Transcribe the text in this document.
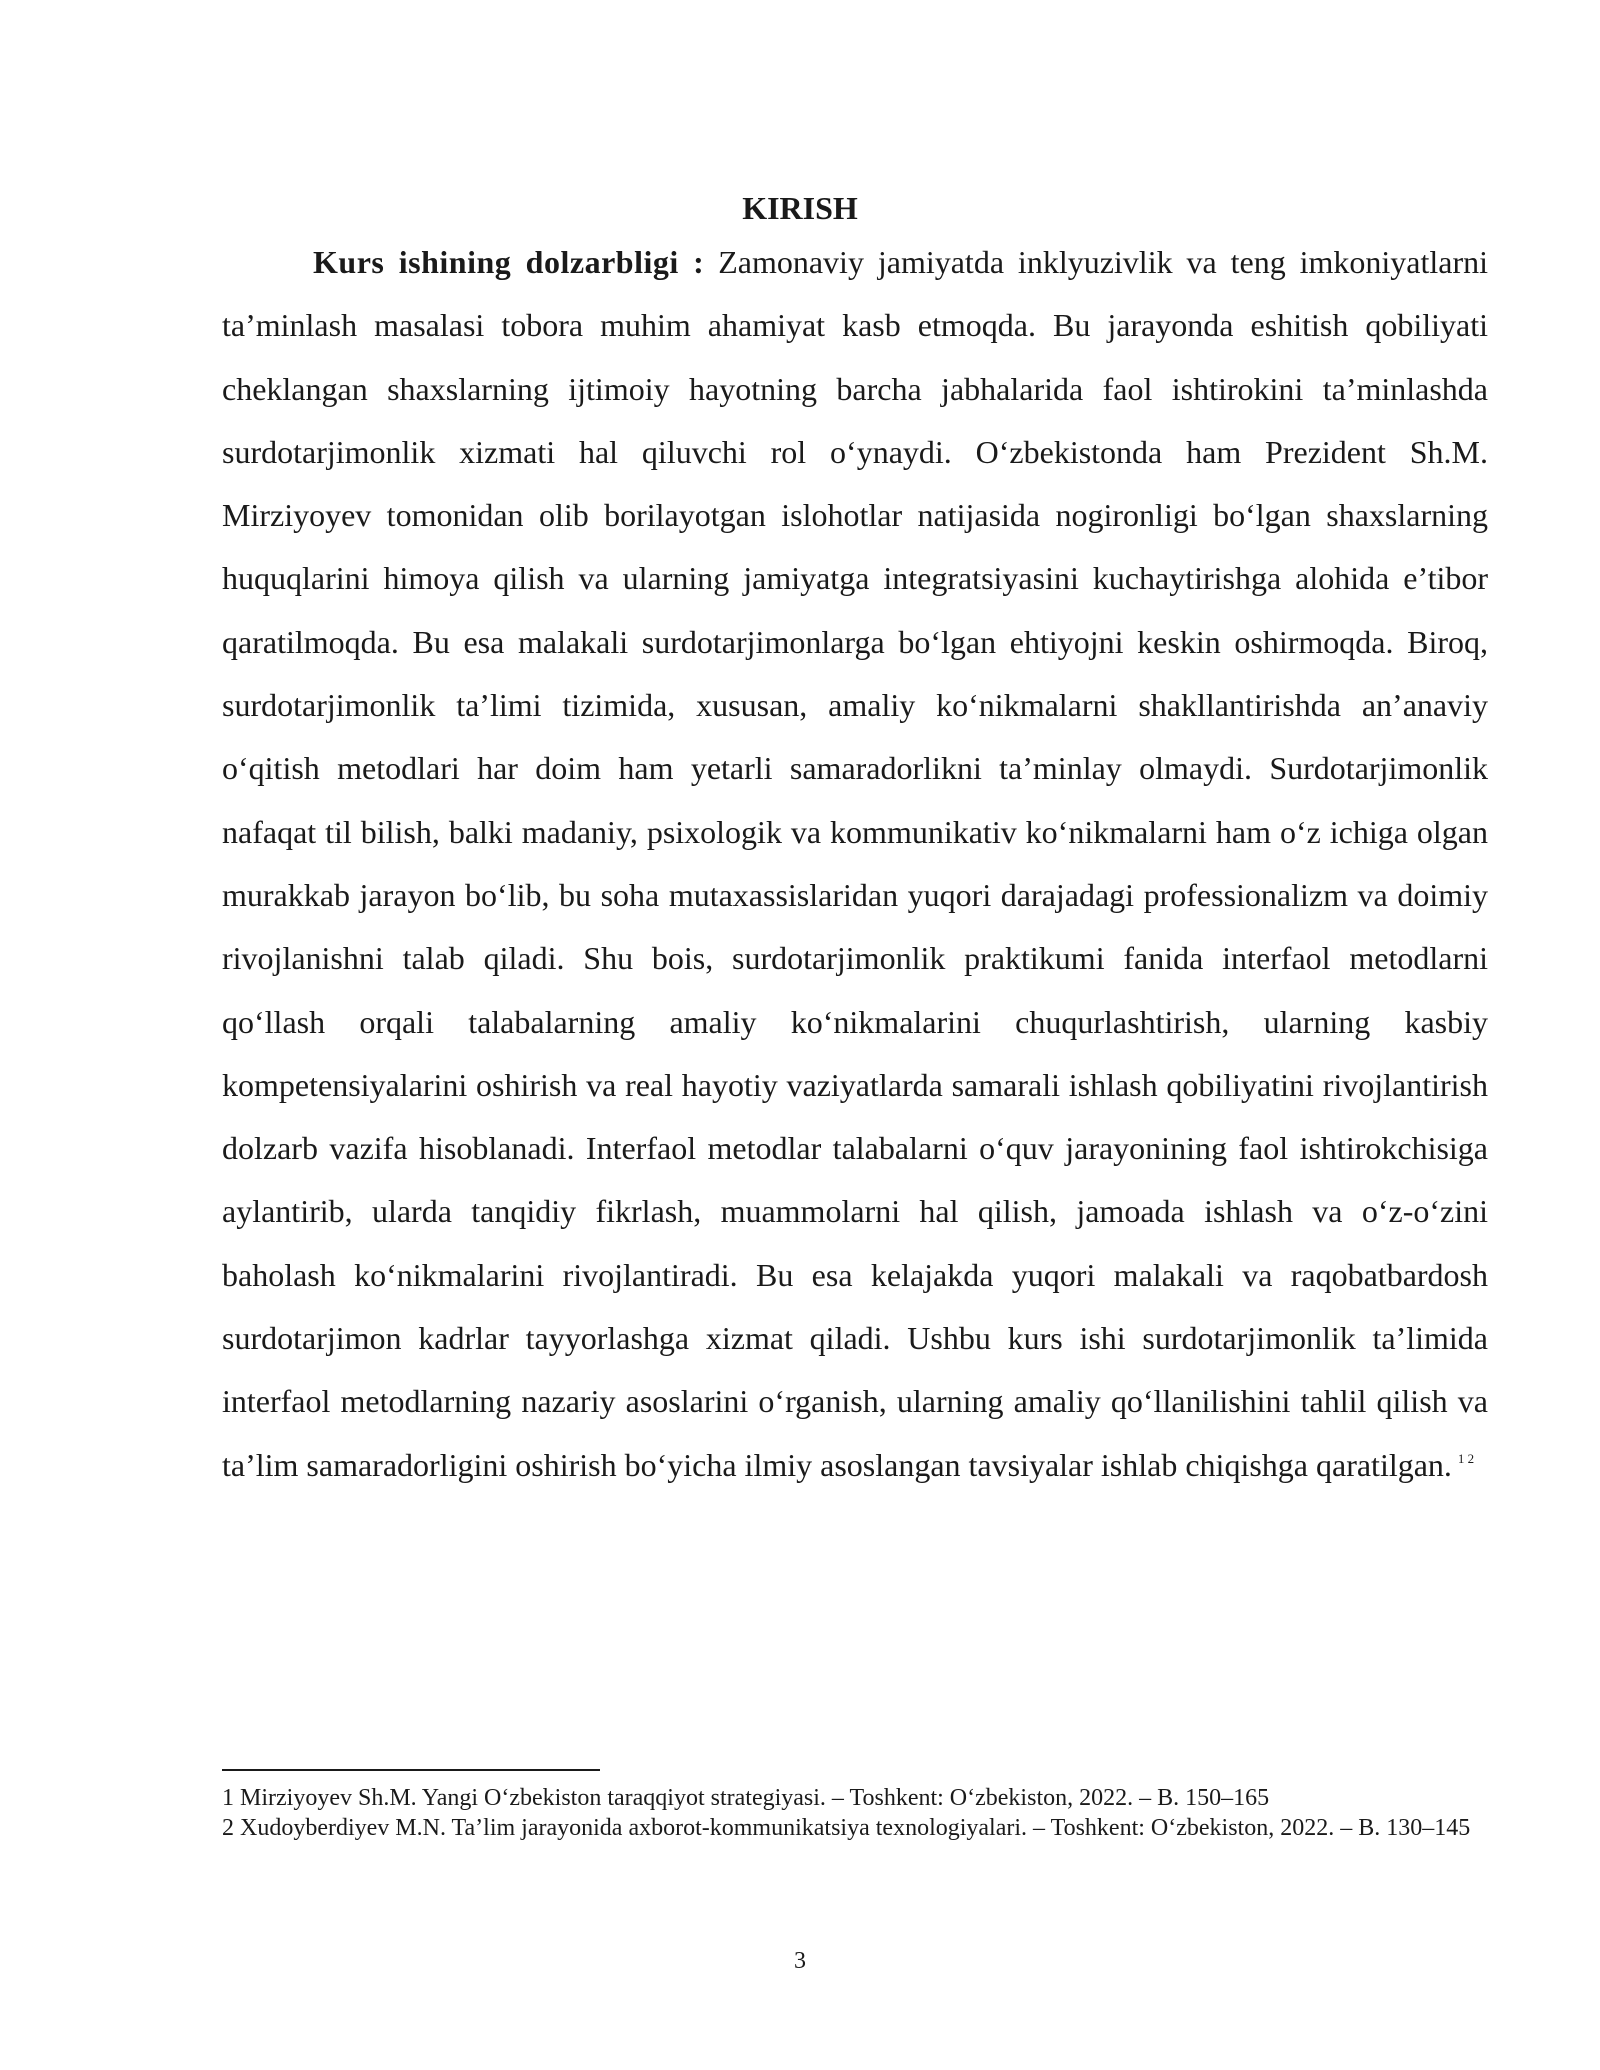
KIRISH

Kurs ishining dolzarbligi : Zamonaviy jamiyatda inklyuzivlik va teng imkoniyatlarni ta’minlash masalasi tobora muhim ahamiyat kasb etmoqda. Bu jarayonda eshitish qobiliyati cheklangan shaxslarning ijtimoiy hayotning barcha jabhalarida faol ishtirokini ta’minlashda surdotarjimonlik xizmati hal qiluvchi rol o‘ynaydi. O‘zbekistonda ham Prezident Sh.M. Mirziyoyev tomonidan olib borilayotgan islohotlar natijasida nogironligi bo‘lgan shaxslarning huquqlarini himoya qilish va ularning jamiyatga integratsiyasini kuchaytirishga alohida e’tibor qaratilmoqda. Bu esa malakali surdotarjimonlarga bo‘lgan ehtiyojni keskin oshirmoqda. Biroq, surdotarjimonlik ta’limi tizimida, xususan, amaliy ko‘nikmalarni shakllantirishda an’anaviy o‘qitish metodlari har doim ham yetarli samaradorlikni ta’minlay olmaydi. Surdotarjimonlik nafaqat til bilish, balki madaniy, psixologik va kommunikativ ko‘nikmalarni ham o‘z ichiga olgan murakkab jarayon bo‘lib, bu soha mutaxassislaridan yuqori darajadagi professionalizm va doimiy rivojlanishni talab qiladi. Shu bois, surdotarjimonlik praktikumi fanida interfaol metodlarni qo‘llash orqali talabalarning amaliy ko‘nikmalarini chuqurlashtirish, ularning kasbiy kompetensiyalarini oshirish va real hayotiy vaziyatlarda samarali ishlash qobiliyatini rivojlantirish dolzarb vazifa hisoblanadi. Interfaol metodlar talabalarni o‘quv jarayonining faol ishtirokchisiga aylantirib, ularda tanqidiy fikrlash, muammolarni hal qilish, jamoada ishlash va o‘z-o‘zini baholash ko‘nikmalarini rivojlantiradi. Bu esa kelajakda yuqori malakali va raqobatbardosh surdotarjimon kadrlar tayyorlashga xizmat qiladi. Ushbu kurs ishi surdotarjimonlik ta’limida interfaol metodlarning nazariy asoslarini o‘rganish, ularning amaliy qo‘llanilishini tahlil qilish va ta’lim samaradorligini oshirish bo‘yicha ilmiy asoslangan tavsiyalar ishlab chiqishga qaratilgan. $^{1 2}$

1 Mirziyoyev Sh.M. Yangi O‘zbekiston taraqqiyot strategiyasi. – Toshkent: O‘zbekiston, 2022. – B. 150–165

2 Xudoyberdiyev M.N. Ta’lim jarayonida axborot-kommunikatsiya texnologiyalari. – Toshkent: O‘zbekiston, 2022. – B. 130–145

3
